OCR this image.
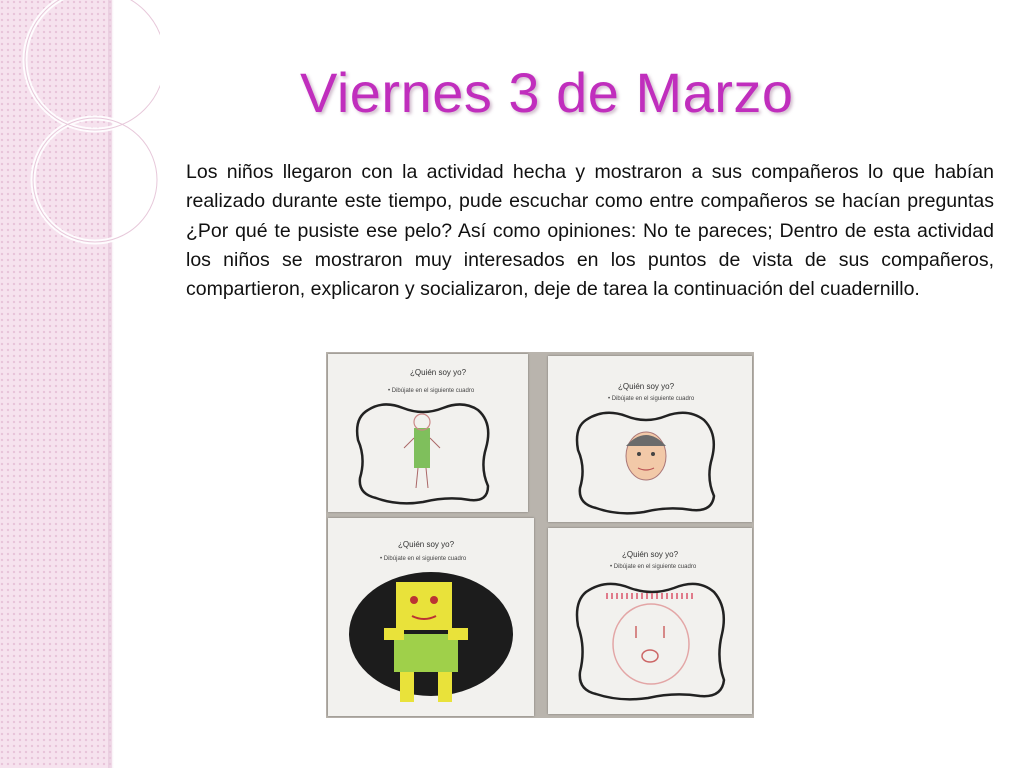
Viernes 3 de Marzo

Los niños llegaron con la actividad hecha y mostraron a sus compañeros lo que habían realizado durante este tiempo, pude escuchar como entre compañeros se hacían preguntas ¿Por qué te pusiste ese pelo? Así como opiniones: No te pareces; Dentro de esta actividad los niños se mostraron muy interesados en los puntos de vista de sus compañeros, compartieron, explicaron y socializaron, deje de tarea la continuación del cuadernillo.

¿Quién soy yo?
• Dibújate en el siguiente cuadro	¿Quién soy yo?
• Dibújate en el siguiente cuadro
¿Quién soy yo?
• Dibújate en el siguiente cuadro	¿Quién soy yo?
• Dibújate en el siguiente cuadro
